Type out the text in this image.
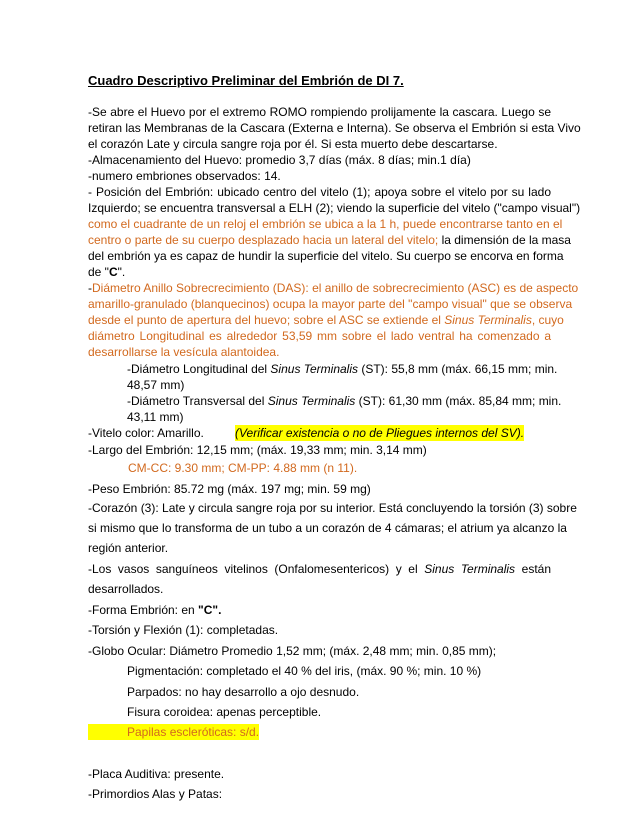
Cuadro Descriptivo Preliminar del Embrión de DI 7.
-Se abre el Huevo por el extremo ROMO rompiendo prolijamente la cascara. Luego se
retiran las Membranas de la Cascara (Externa e Interna). Se observa el Embrión si esta Vivo
el corazón Late y circula sangre roja por él. Si esta muerto debe descartarse.
-Almacenamiento del Huevo: promedio 3,7 días (máx. 8 días; min.1 día)
-numero embriones observados: 14.
- Posición del Embrión: ubicado centro del vitelo (1); apoya sobre el vitelo por su lado
Izquierdo; se encuentra transversal a ELH (2); viendo la superficie del vitelo ("campo visual")
como el cuadrante de un reloj el embrión se ubica a la 1 h, puede encontrarse tanto en el
centro o parte de su cuerpo desplazado hacia un lateral del vitelo; la dimensión de la masa
del embrión ya es capaz de hundir la superficie del vitelo. Su cuerpo se encorva en forma
de "C".
-Diámetro Anillo Sobrecrecimiento (DAS): el anillo de sobrecrecimiento (ASC) es de aspecto
amarillo-granulado (blanquecinos) ocupa la mayor parte del "campo visual" que se observa
desde el punto de apertura del huevo; sobre el ASC se extiende el Sinus Terminalis, cuyo
diámetro Longitudinal es alrededor 53,59 mm sobre el lado ventral ha comenzado a
desarrollarse la vesícula alantoidea.
-Diámetro Longitudinal del Sinus Terminalis (ST): 55,8 mm (máx. 66,15 mm; min.
48,57 mm)
-Diámetro Transversal del Sinus Terminalis (ST): 61,30 mm (máx. 85,84 mm; min.
43,11 mm)
-Vitelo color: Amarillo.	(Verificar existencia o no de Pliegues internos del SV).
-Largo del Embrión: 12,15 mm; (máx. 19,33 mm; min. 3,14 mm)
CM-CC: 9.30 mm; CM-PP: 4.88 mm (n 11).
-Peso Embrión: 85.72 mg (máx. 197 mg; min. 59 mg)
-Corazón (3): Late y circula sangre roja por su interior. Está concluyendo la torsión (3) sobre
si mismo que lo transforma de un tubo a un corazón de 4 cámaras; el atrium ya alcanzo la
región anterior.
-Los vasos sanguíneos vitelinos (Onfalomesentericos) y el Sinus Terminalis están
desarrollados.
-Forma Embrión: en "C".
-Torsión y Flexión (1): completadas.
-Globo Ocular: Diámetro Promedio 1,52 mm; (máx. 2,48 mm; min. 0,85 mm);
Pigmentación: completado el 40 % del iris, (máx. 90 %; min. 10 %)
Parpados: no hay desarrollo a ojo desnudo.
Fisura coroidea: apenas perceptible.
Papilas escleróticas: s/d.
-Placa Auditiva: presente.
-Primordios Alas y Patas:
